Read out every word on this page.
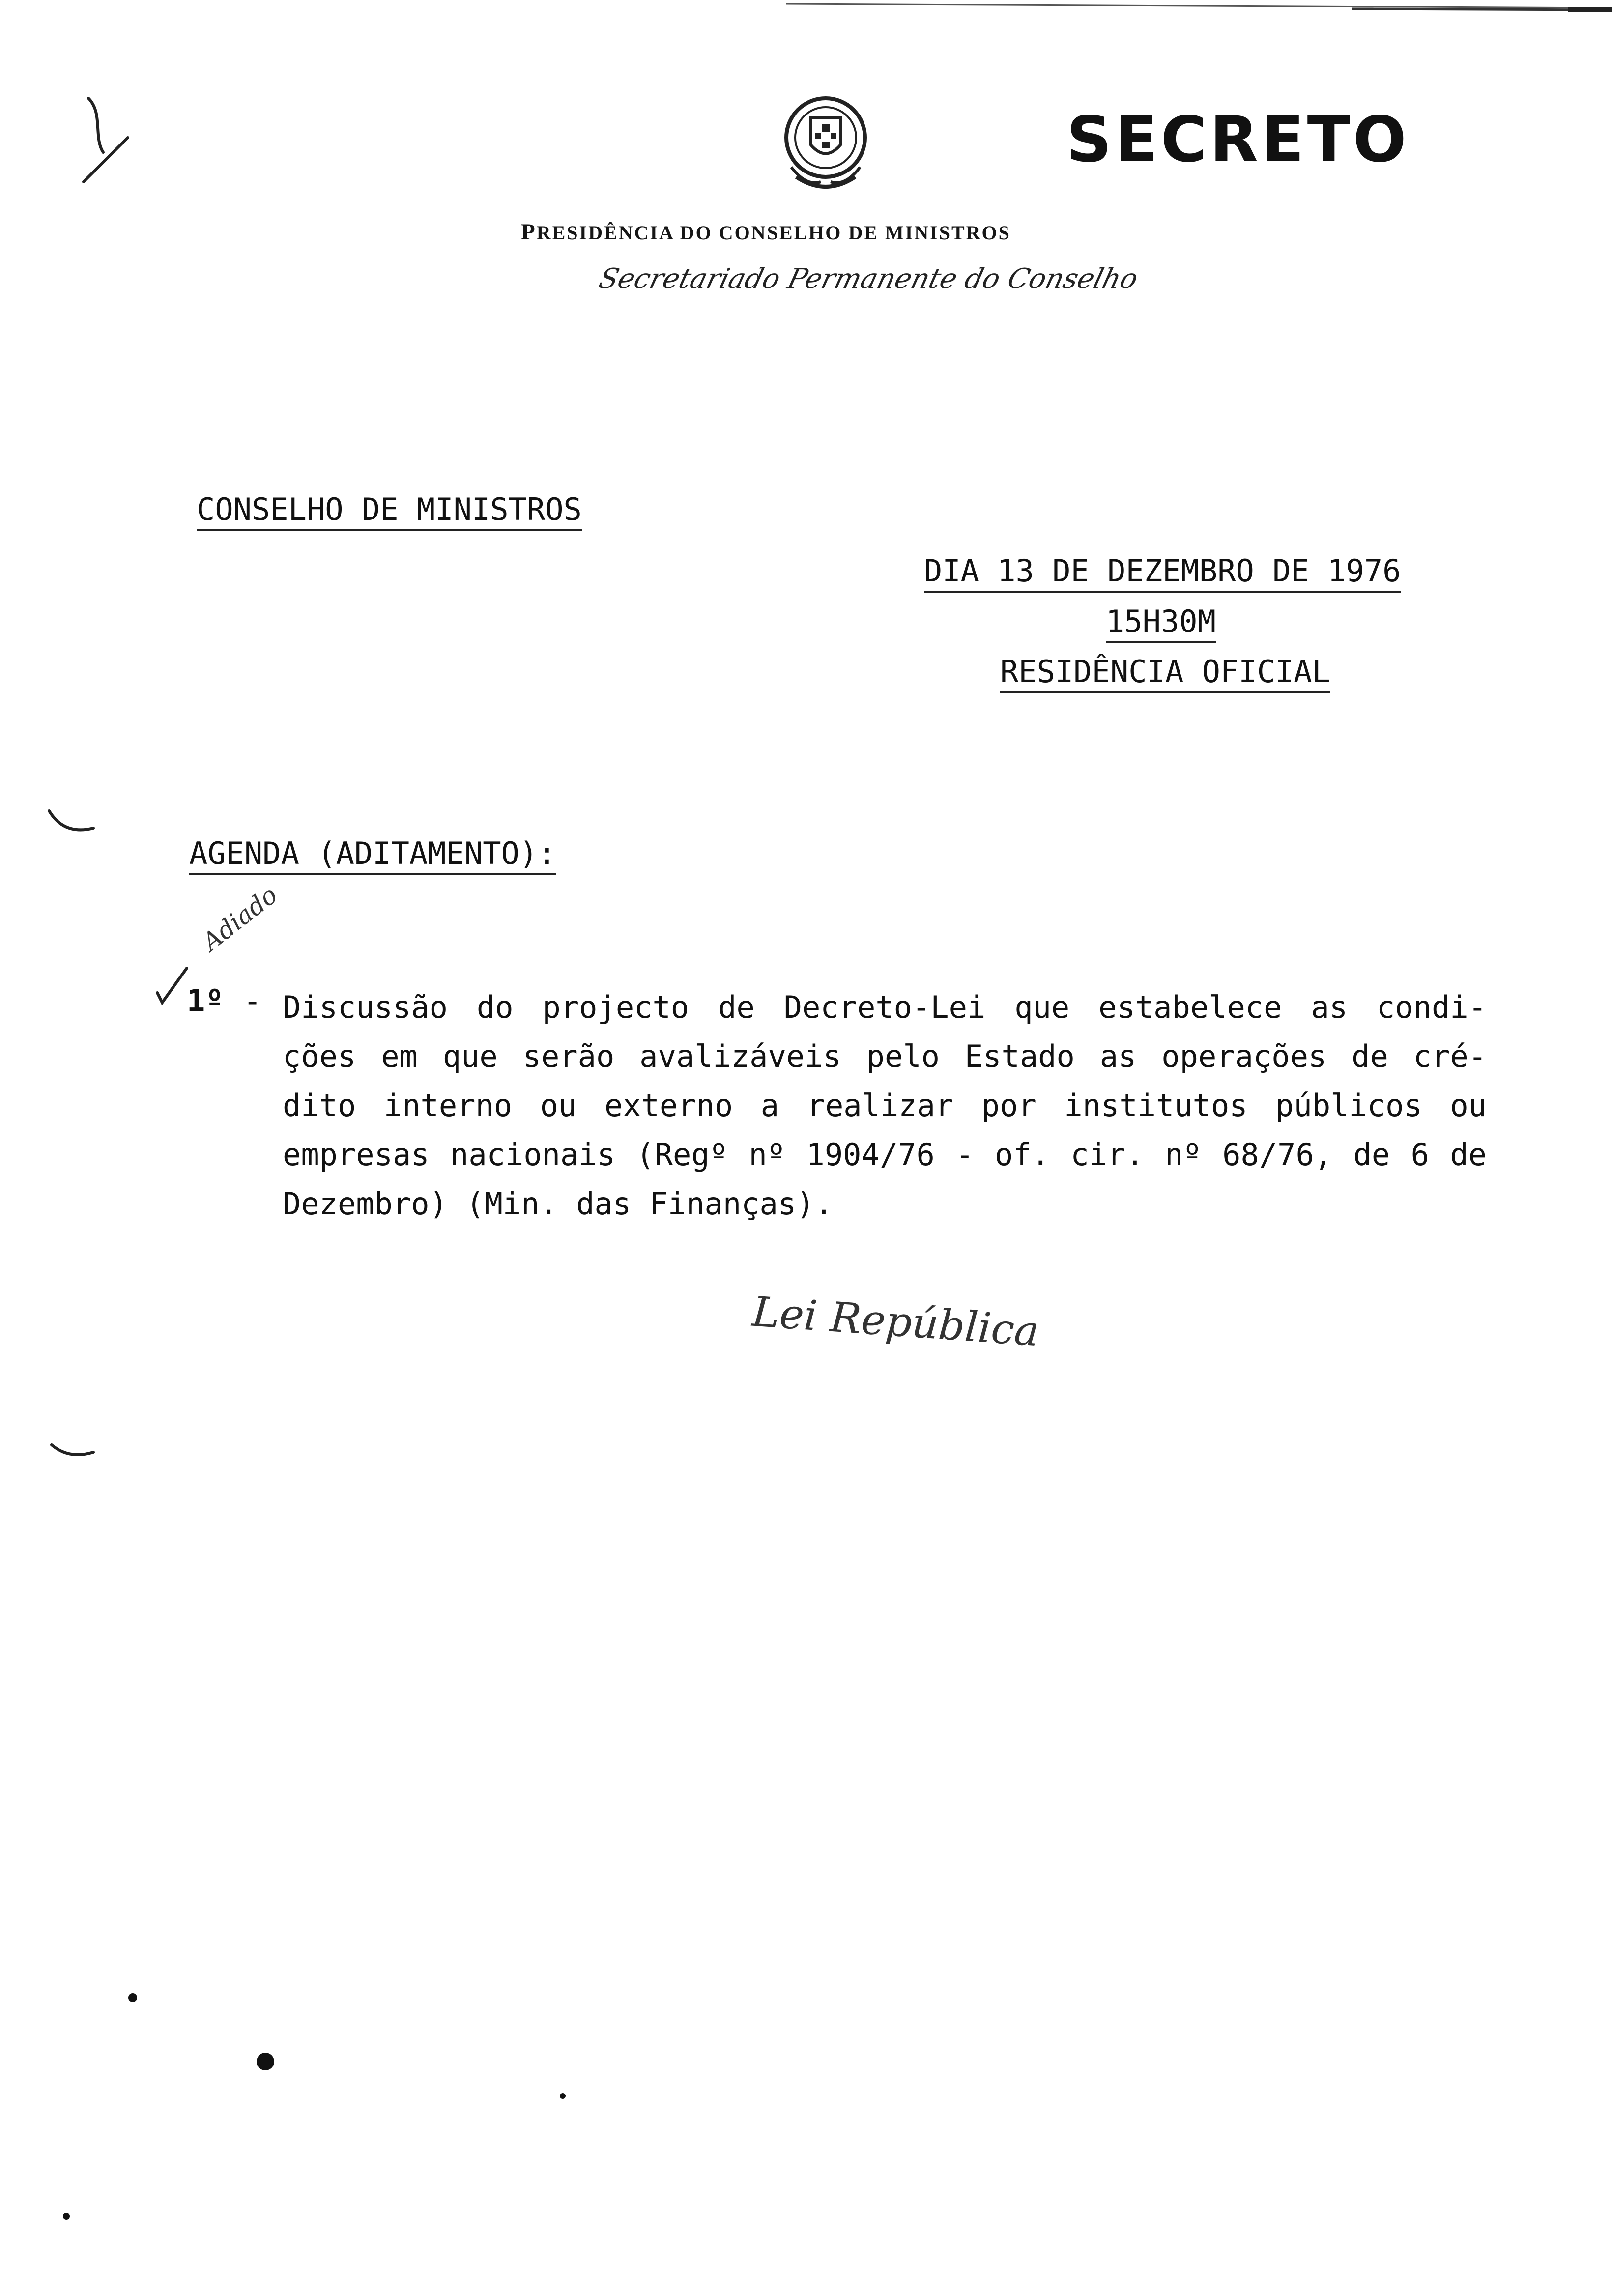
SECRETO
PRESIDÊNCIA DO CONSELHO DE MINISTROS
Secretariado Permanente do Conselho
CONSELHO DE MINISTROS
DIA 13 DE DEZEMBRO DE 1976
15H30M
RESIDÊNCIA OFICIAL
AGENDA (ADITAMENTO):
Adiado
1º - Discussão do projecto de Decreto-Lei que estabelece as condi- ções em que serão avalizáveis pelo Estado as operações de cré- dito interno ou externo a realizar por institutos públicos ou empresas nacionais (Regº nº 1904/76 - of. cir. nº 68/76, de 6 de Dezembro) (Min. das Finanças).
Lei República
